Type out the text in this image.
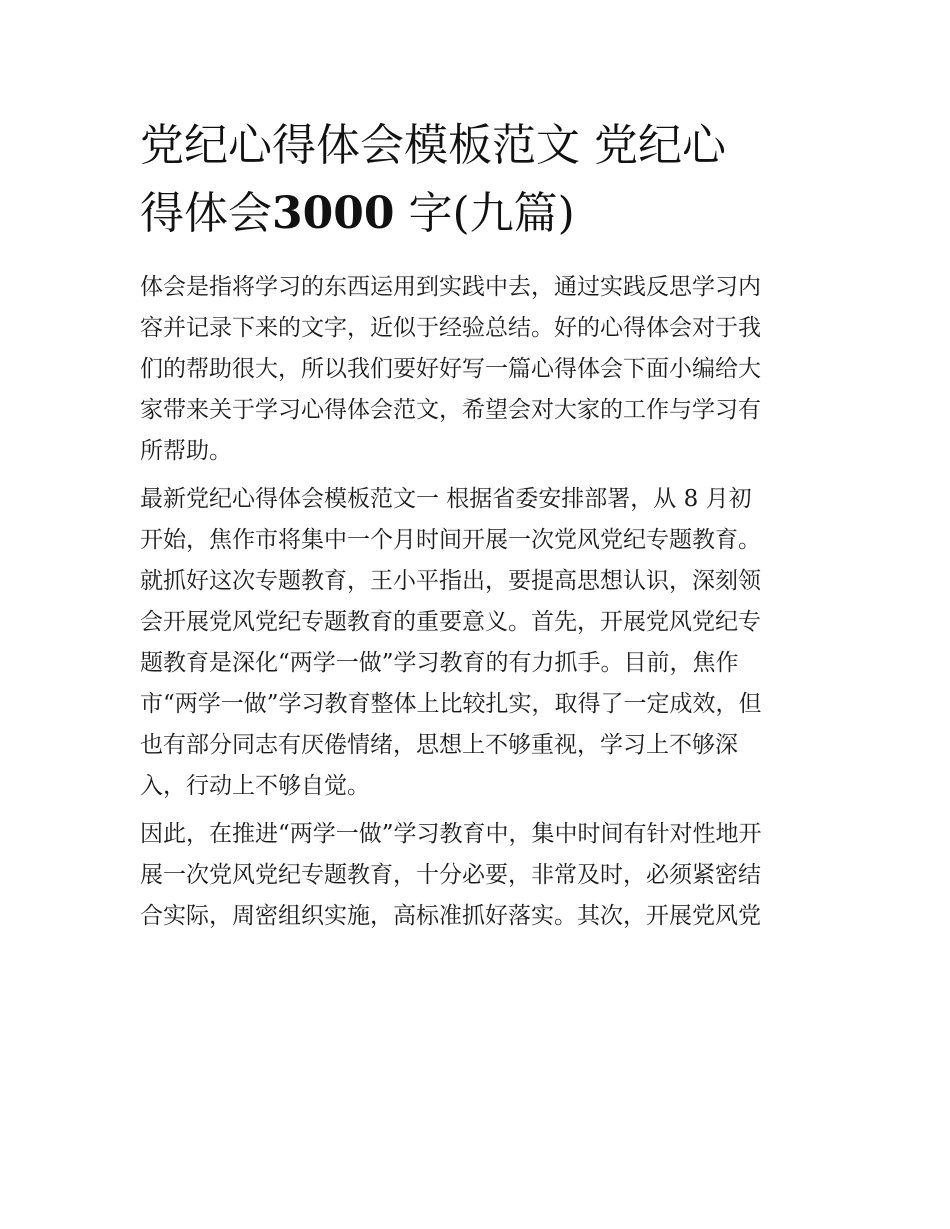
党纪心得体会模板范文 党纪心
得体会3000 字(九篇)

体会是指将学习的东西运用到实践中去，通过实践反思学习内
容并记录下来的文字，近似于经验总结。好的心得体会对于我
们的帮助很大，所以我们要好好写一篇心得体会下面小编给大
家带来关于学习心得体会范文，希望会对大家的工作与学习有
所帮助。

最新党纪心得体会模板范文一 根据省委安排部署，从 8 月初
开始，焦作市将集中一个月时间开展一次党风党纪专题教育。
就抓好这次专题教育，王小平指出，要提高思想认识，深刻领
会开展党风党纪专题教育的重要意义。首先，开展党风党纪专
题教育是深化“两学一做”学习教育的有力抓手。目前，焦作
市“两学一做”学习教育整体上比较扎实，取得了一定成效，但
也有部分同志有厌倦情绪，思想上不够重视，学习上不够深
入，行动上不够自觉。

因此，在推进“两学一做”学习教育中，集中时间有针对性地开
展一次党风党纪专题教育，十分必要，非常及时，必须紧密结
合实际，周密组织实施，高标准抓好落实。其次，开展党风党
